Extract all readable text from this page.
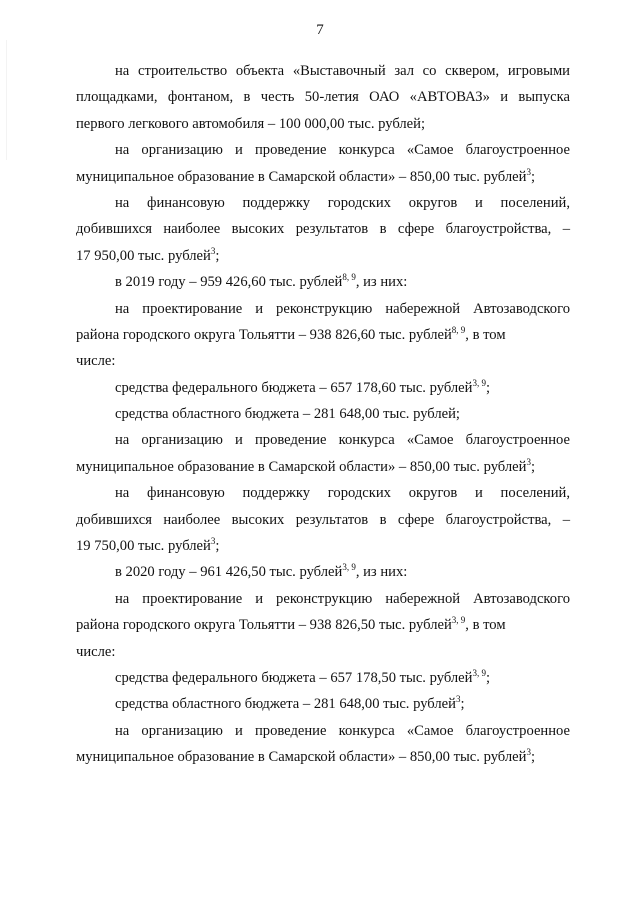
7
на строительство объекта «Выставочный зал со сквером, игровыми
площадками, фонтаном, в честь 50-летия ОАО «АВТОВАЗ» и выпуска
первого легкового автомобиля – 100 000,00 тыс. рублей;
на организацию и проведение конкурса «Самое благоустроенное
муниципальное образование в Самарской области» – 850,00 тыс. рублей$^3$;
на финансовую поддержку городских округов и поселений,
добившихся наиболее высоких результатов в сфере благоустройства, –
17 950,00 тыс. рублей$^3$;
в 2019 году – 959 426,60 тыс. рублей$^{8, 9}$, из них:
на проектирование и реконструкцию набережной Автозаводского
района городского округа Тольятти – 938 826,60 тыс. рублей$^{8, 9}$, в том
числе:
средства федерального бюджета – 657 178,60 тыс. рублей$^{3, 9}$;
средства областного бюджета – 281 648,00 тыс. рублей;
на организацию и проведение конкурса «Самое благоустроенное
муниципальное образование в Самарской области» – 850,00 тыс. рублей$^3$;
на финансовую поддержку городских округов и поселений,
добившихся наиболее высоких результатов в сфере благоустройства, –
19 750,00 тыс. рублей$^3$;
в 2020 году – 961 426,50 тыс. рублей$^{3, 9}$, из них:
на проектирование и реконструкцию набережной Автозаводского
района городского округа Тольятти – 938 826,50 тыс. рублей$^{3, 9}$, в том
числе:
средства федерального бюджета – 657 178,50 тыс. рублей$^{3, 9}$;
средства областного бюджета – 281 648,00 тыс. рублей$^3$;
на организацию и проведение конкурса «Самое благоустроенное
муниципальное образование в Самарской области» – 850,00 тыс. рублей$^3$;
